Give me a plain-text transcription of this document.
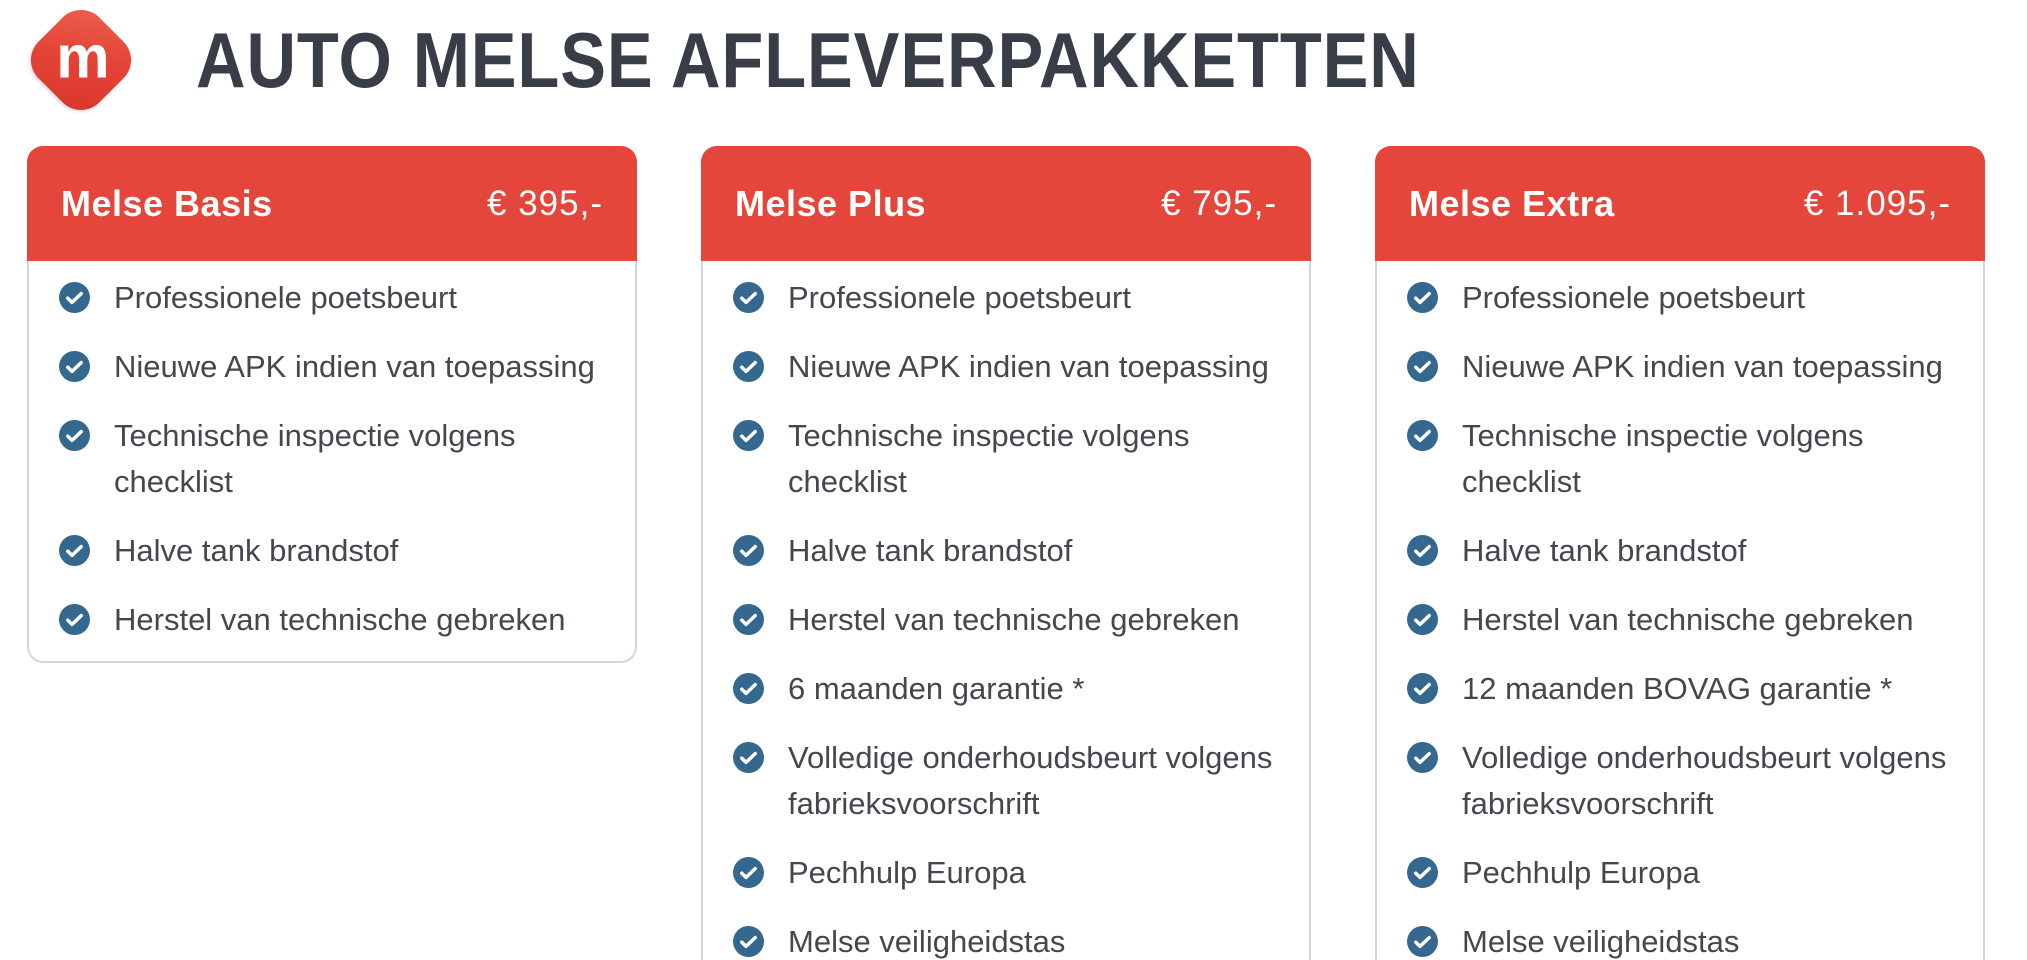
m AUTO MELSE AFLEVERPAKKETTEN
Melse Basis	€ 395,-
Professionele poetsbeurt
Nieuwe APK indien van toepassing
Technische inspectie volgens checklist
Halve tank brandstof
Herstel van technische gebreken
Melse Plus	€ 795,-
Professionele poetsbeurt
Nieuwe APK indien van toepassing
Technische inspectie volgens checklist
Halve tank brandstof
Herstel van technische gebreken
6 maanden garantie *
Volledige onderhoudsbeurt volgens fabrieksvoorschrift
Pechhulp Europa
Melse veiligheidstas
Melse Extra	€ 1.095,-
Professionele poetsbeurt
Nieuwe APK indien van toepassing
Technische inspectie volgens checklist
Halve tank brandstof
Herstel van technische gebreken
12 maanden BOVAG garantie *
Volledige onderhoudsbeurt volgens fabrieksvoorschrift
Pechhulp Europa
Melse veiligheidstas
